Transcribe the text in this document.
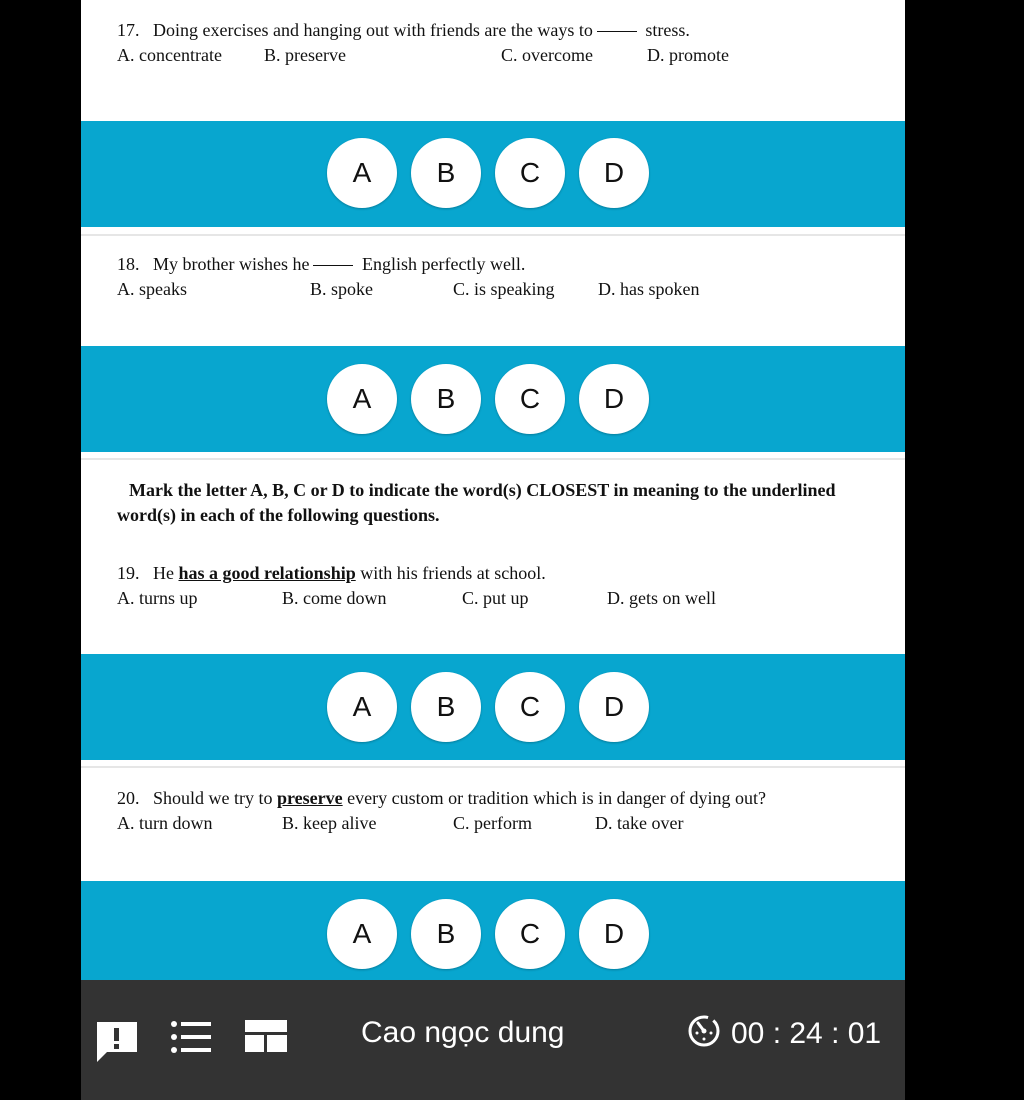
17. Doing exercises and hanging out with friends are the ways to	stress.
A. concentrate B. preserve	C. overcome	D. promote
A	B	C	D
18. My brother wishes he	English perfectly well.
A. speaks	B. spoke	C. is speaking D. has spoken
A	B	C	D
Mark the letter A, B, C or D to indicate the word(s) CLOSEST in meaning to the underlined word(s) in each of the following questions.
19. He has a good relationship with his friends at school.
A. turns up	B. come down	C. put up	D. gets on well
A	B	C	D
20. Should we try to preserve every custom or tradition which is in danger of dying out?
A. turn down	B. keep alive	C. perform	D. take over
A	B	C	D
Cao ngọc dung	00 : 24 : 01
